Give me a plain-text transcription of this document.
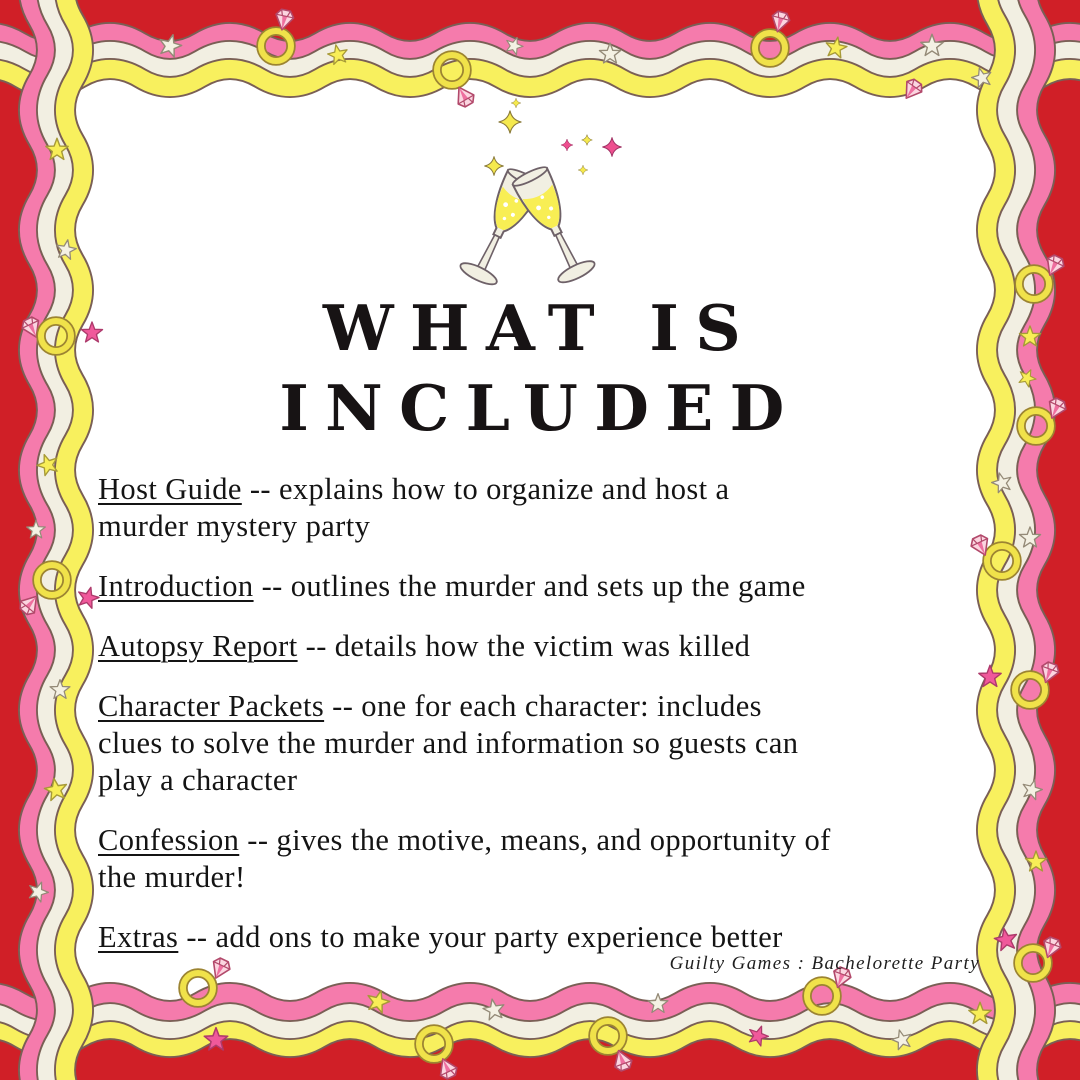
WHAT IS
INCLUDED

Host Guide -- explains how to organize and host a
murder mystery party

Introduction -- outlines the murder and sets up the game

Autopsy Report -- details how the victim was killed

Character Packets -- one for each character: includes
clues to solve the murder and information so guests can
play a character

Confession -- gives the motive, means, and opportunity of
the murder!

Extras -- add ons to make your party experience better

Guilty Games : Bachelorette Party
